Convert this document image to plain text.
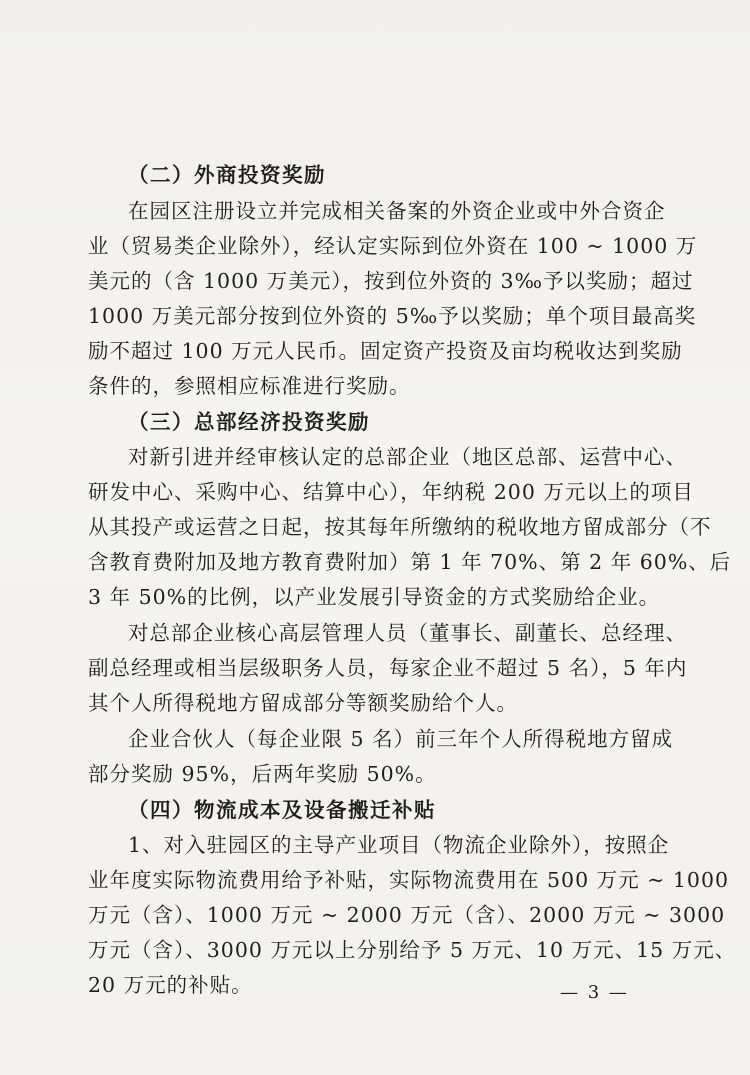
（二）外商投资奖励
在园区注册设立并完成相关备案的外资企业或中外合资企
业（贸易类企业除外），经认定实际到位外资在 100 ~ 1000 万
美元的（含 1000 万美元），按到位外资的 3‰予以奖励；超过
1000 万美元部分按到位外资的 5‰予以奖励；单个项目最高奖
励不超过 100 万元人民币。固定资产投资及亩均税收达到奖励
条件的，参照相应标准进行奖励。
（三）总部经济投资奖励
对新引进并经审核认定的总部企业（地区总部、运营中心、
研发中心、采购中心、结算中心），年纳税 200 万元以上的项目
从其投产或运营之日起，按其每年所缴纳的税收地方留成部分（不
含教育费附加及地方教育费附加）第 1 年 70%、第 2 年 60%、后
3 年 50%的比例，以产业发展引导资金的方式奖励给企业。
对总部企业核心高层管理人员（董事长、副董长、总经理、
副总经理或相当层级职务人员，每家企业不超过 5 名），5 年内
其个人所得税地方留成部分等额奖励给个人。
企业合伙人（每企业限 5 名）前三年个人所得税地方留成
部分奖励 95%，后两年奖励 50%。
（四）物流成本及设备搬迁补贴
1、对入驻园区的主导产业项目（物流企业除外），按照企
业年度实际物流费用给予补贴，实际物流费用在 500 万元 ~ 1000
万元（含）、1000 万元 ~ 2000 万元（含）、2000 万元 ~ 3000
万元（含）、3000 万元以上分别给予 5 万元、10 万元、15 万元、
20 万元的补贴。	— 3 —
